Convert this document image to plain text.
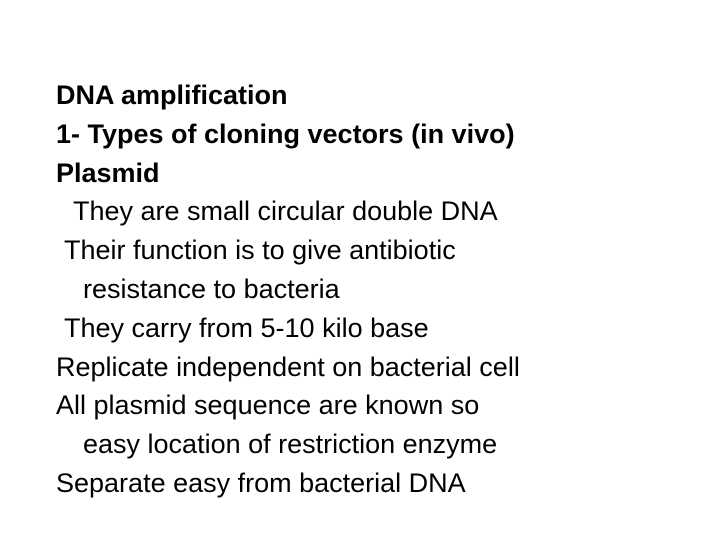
DNA amplification
1- Types of cloning vectors (in vivo)
Plasmid
They are small circular double DNA
Their function is to give antibiotic
resistance to bacteria
They carry from 5-10 kilo base
Replicate independent on bacterial cell
All plasmid sequence are known so
easy location of restriction enzyme
Separate easy from bacterial DNA
